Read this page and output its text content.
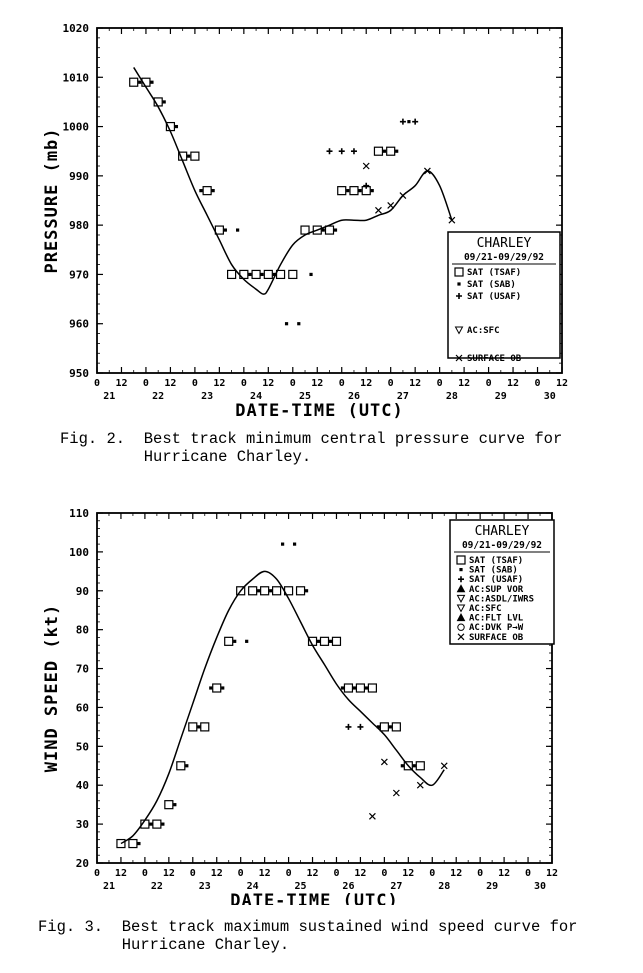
950
960
970
980
990
1000
1010
1020
0 12 0 12 0 12 0 12 0 12 0 12 0 12 0 12 0 12 0 12
21	22	23	24	25	26	27	28	29	30
DATE-TIME (UTC)
PRESSURE (mb)	CHARLEY
09/21-09/29/92
SAT (TSAF)
SAT (SAB)
SAT (USAF)
AC:SFC
SURFACE OB
Fig. 2.  Best track minimum central pressure curve for
Hurricane Charley.
20
30
40
50
60
70
80
90
100
110
0 12 0 12 0 12 0 12 0 12 0 12 0 12 0 12 0 12 0 12
21	22	23	24	25	26	27	28	29	30
DATE-TIME (UTC)
WIND SPEED (kt)
CHARLEY
09/21-09/29/92
SAT (TSAF)
SAT (SAB)
SAT (USAF)
AC:SUP VOR
AC:ASDL/IWRS
AC:SFC
AC:FLT LVL
AC:DVK P→W
SURFACE OB
Fig. 3.  Best track maximum sustained wind speed curve for
Hurricane Charley.
